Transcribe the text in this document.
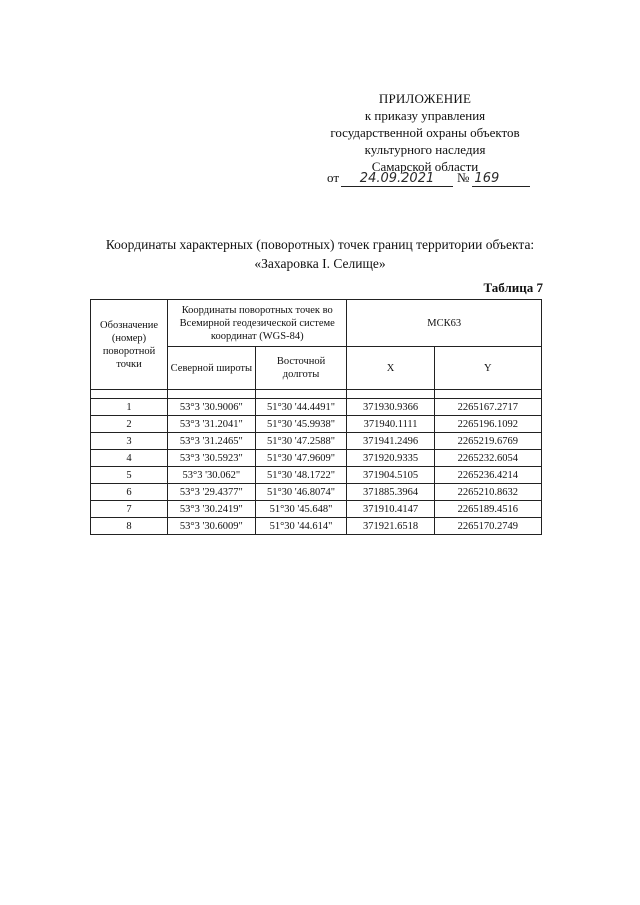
ПРИЛОЖЕНИЕ
к приказу управления
государственной охраны объектов
культурного наследия
Самарской области
от 24.09.2021 № 169
Координаты характерных (поворотных) точек границ территории объекта:
«Захаровка I. Селище»
Таблица 7
Обозначение (номер) поворотной точки	Координаты поворотных точек во Всемирной геодезической системе координат (WGS-84)		МСК63	
	Северной широты	Восточной долготы	X	Y

1	53°3 '30.9006"	51°30 '44.4491"	371930.9366	2265167.2717
2	53°3 '31.2041"	51°30 '45.9938"	371940.1111	2265196.1092
3	53°3 '31.2465"	51°30 '47.2588"	371941.2496	2265219.6769
4	53°3 '30.5923"	51°30 '47.9609"	371920.9335	2265232.6054
5	53°3 '30.062"	51°30 '48.1722"	371904.5105	2265236.4214
6	53°3 '29.4377"	51°30 '46.8074"	371885.3964	2265210.8632
7	53°3 '30.2419"	51°30 '45.648"	371910.4147	2265189.4516
8	53°3 '30.6009"	51°30 '44.614"	371921.6518	2265170.2749
